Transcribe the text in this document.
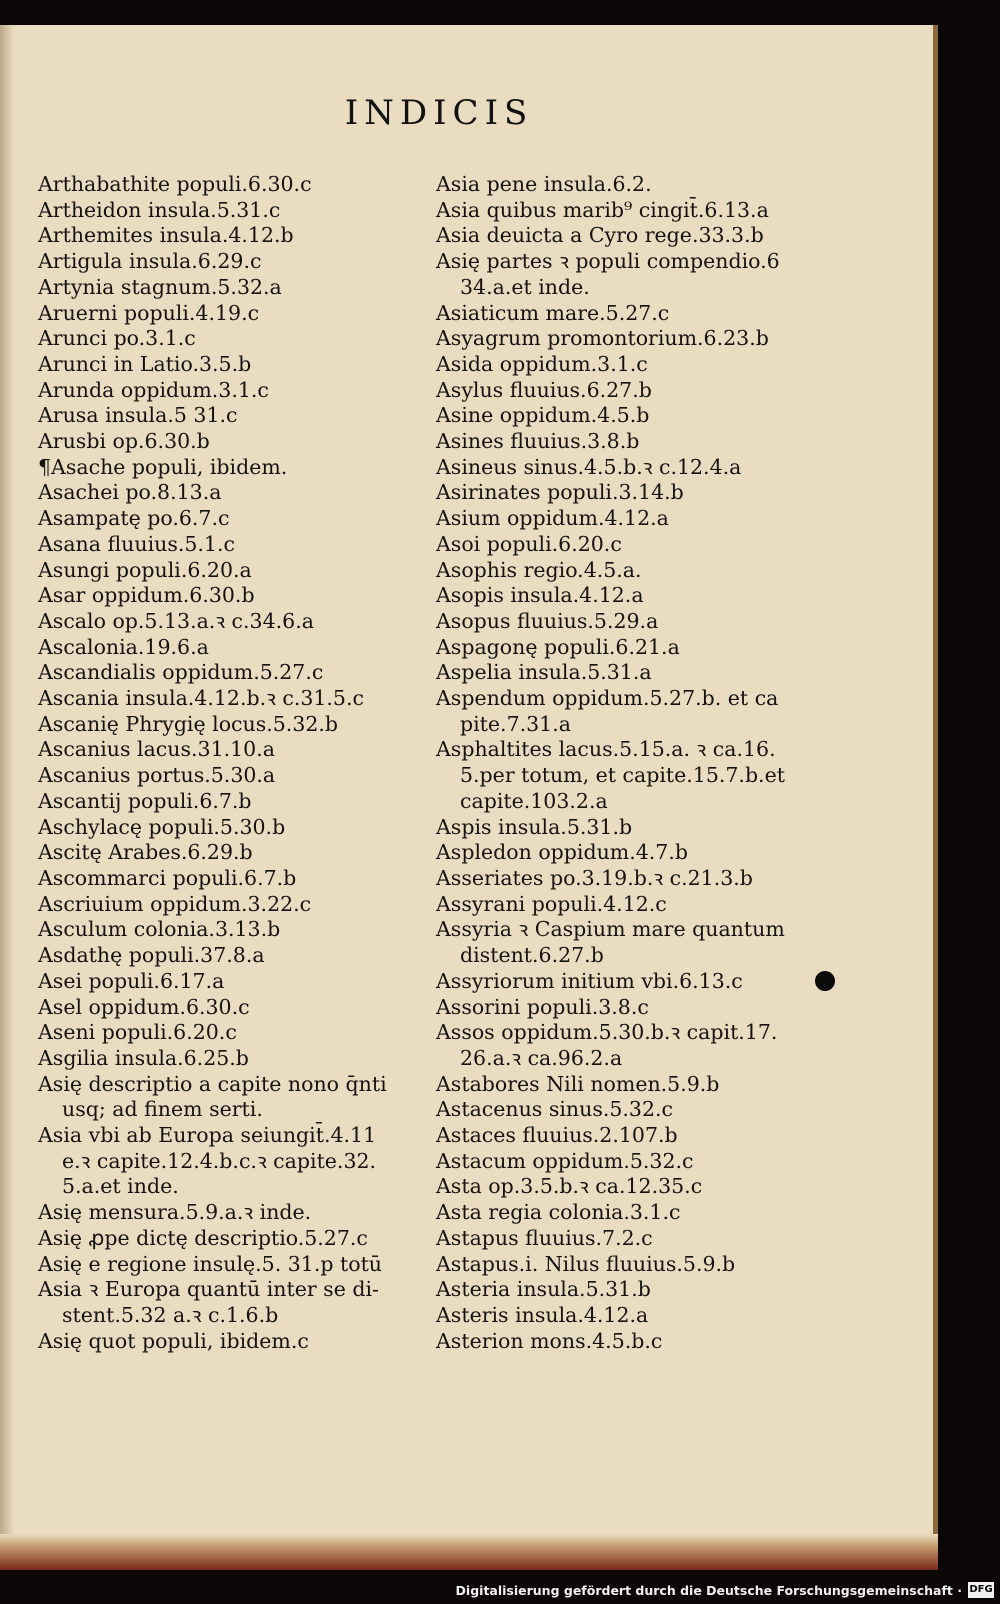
INDICIS
Arthabathite populi.6.30.c
Artheidon insula.5.31.c
Arthemites insula.4.12.b
Artigula insula.6.29.c
Artynia stagnum.5.32.a
Aruerni populi.4.19.c
Arunci po.3.1.c
Arunci in Latio.3.5.b
Arunda oppidum.3.1.c
Arusa insula.5 31.c
Arusbi op.6.30.b
¶Asache populi, ibidem.
Asachei po.8.13.a
Asampatę po.6.7.c
Asana fluuius.5.1.c
Asungi populi.6.20.a
Asar oppidum.6.30.b
Ascalo op.5.13.a.ꝛ c.34.6.a
Ascalonia.19.6.a
Ascandialis oppidum.5.27.c
Ascania insula.4.12.b.ꝛ c.31.5.c
Ascanię Phrygię locus.5.32.b
Ascanius lacus.31.10.a
Ascanius portus.5.30.a
Ascantij populi.6.7.b
Aschylacę populi.5.30.b
Ascitę Arabes.6.29.b
Ascommarci populi.6.7.b
Ascriuium oppidum.3.22.c
Asculum colonia.3.13.b
Asdathę populi.37.8.a
Asei populi.6.17.a
Asel oppidum.6.30.c
Aseni populi.6.20.c
Asgilia insula.6.25.b
Asię descriptio a capite nono q̄nti
usq; ad finem serti.
Asia vbi ab Europa seiungit̄.4.11
e.ꝛ capite.12.4.b.c.ꝛ capite.32.
5.a.et inde.
Asię mensura.5.9.a.ꝛ inde.
Asię ꝓpe dictę descriptio.5.27.c
Asię e regione insulę.5. 31.p totū
Asia ꝛ Europa quantū inter se di-
stent.5.32 a.ꝛ c.1.6.b
Asię quot populi, ibidem.c
Asia pene insula.6.2.
Asia quibus marib⁹ cingit̄.6.13.a
Asia deuicta a Cyro rege.33.3.b
Asię partes ꝛ populi compendio.6
34.a.et inde.
Asiaticum mare.5.27.c
Asyagrum promontorium.6.23.b
Asida oppidum.3.1.c
Asylus fluuius.6.27.b
Asine oppidum.4.5.b
Asines fluuius.3.8.b
Asineus sinus.4.5.b.ꝛ c.12.4.a
Asirinates populi.3.14.b
Asium oppidum.4.12.a
Asoi populi.6.20.c
Asophis regio.4.5.a.
Asopis insula.4.12.a
Asopus fluuius.5.29.a
Aspagonę populi.6.21.a
Aspelia insula.5.31.a
Aspendum oppidum.5.27.b. et ca
pite.7.31.a
Asphaltites lacus.5.15.a. ꝛ ca.16.
5.per totum, et capite.15.7.b.et
capite.103.2.a
Aspis insula.5.31.b
Aspledon oppidum.4.7.b
Asseriates po.3.19.b.ꝛ c.21.3.b
Assyrani populi.4.12.c
Assyria ꝛ Caspium mare quantum
distent.6.27.b
Assyriorum initium vbi.6.13.c
Assorini populi.3.8.c
Assos oppidum.5.30.b.ꝛ capit.17.
26.a.ꝛ ca.96.2.a
Astabores Nili nomen.5.9.b
Astacenus sinus.5.32.c
Astaces fluuius.2.107.b
Astacum oppidum.5.32.c
Asta op.3.5.b.ꝛ ca.12.35.c
Asta regia colonia.3.1.c
Astapus fluuius.7.2.c
Astapus.i. Nilus fluuius.5.9.b
Asteria insula.5.31.b
Asteris insula.4.12.a
Asterion mons.4.5.b.c
Digitalisierung gefördert durch die Deutsche Forschungsgemeinschaft · DFG
